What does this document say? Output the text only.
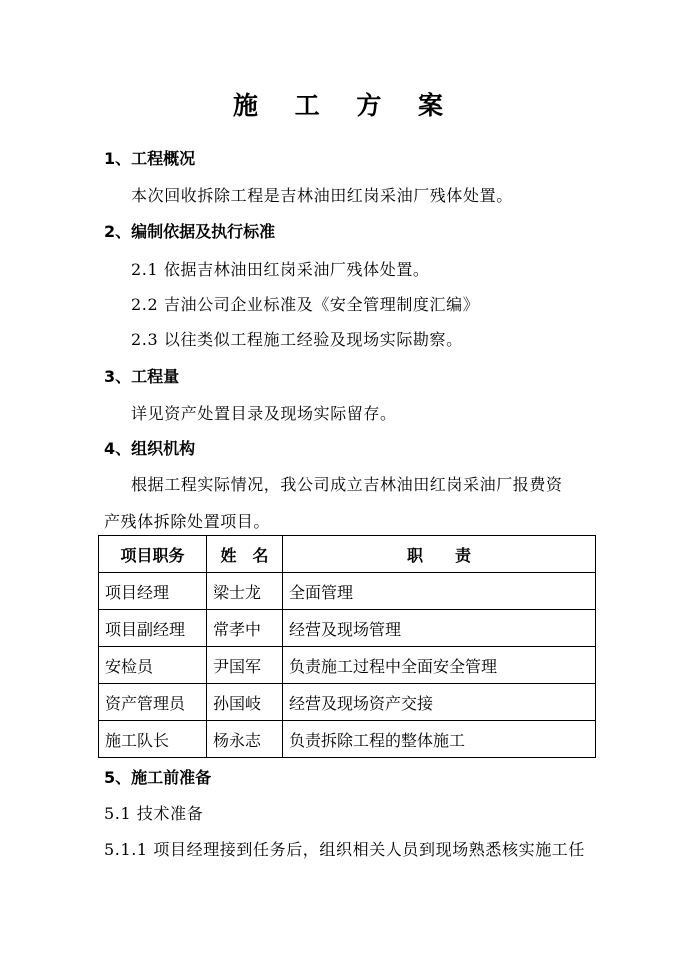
施 工 方 案
1、工程概况
本次回收拆除工程是吉林油田红岗采油厂残体处置。
2、编制依据及执行标准
2.1 依据吉林油田红岗采油厂残体处置。
2.2 吉油公司企业标准及《安全管理制度汇编》
2.3 以往类似工程施工经验及现场实际勘察。
3、工程量
详见资产处置目录及现场实际留存。
4、组织机构
根据工程实际情况，我公司成立吉林油田红岗采油厂报费资
产残体拆除处置项目。
项目职务	姓　名	职　　责
项目经理	梁士龙	全面管理
项目副经理	常孝中	经营及现场管理
安检员	尹国军	负责施工过程中全面安全管理
资产管理员	孙国岐	经营及现场资产交接
施工队长	杨永志	负责拆除工程的整体施工
5、施工前准备
5.1 技术准备
5.1.1 项目经理接到任务后，组织相关人员到现场熟悉核实施工任
